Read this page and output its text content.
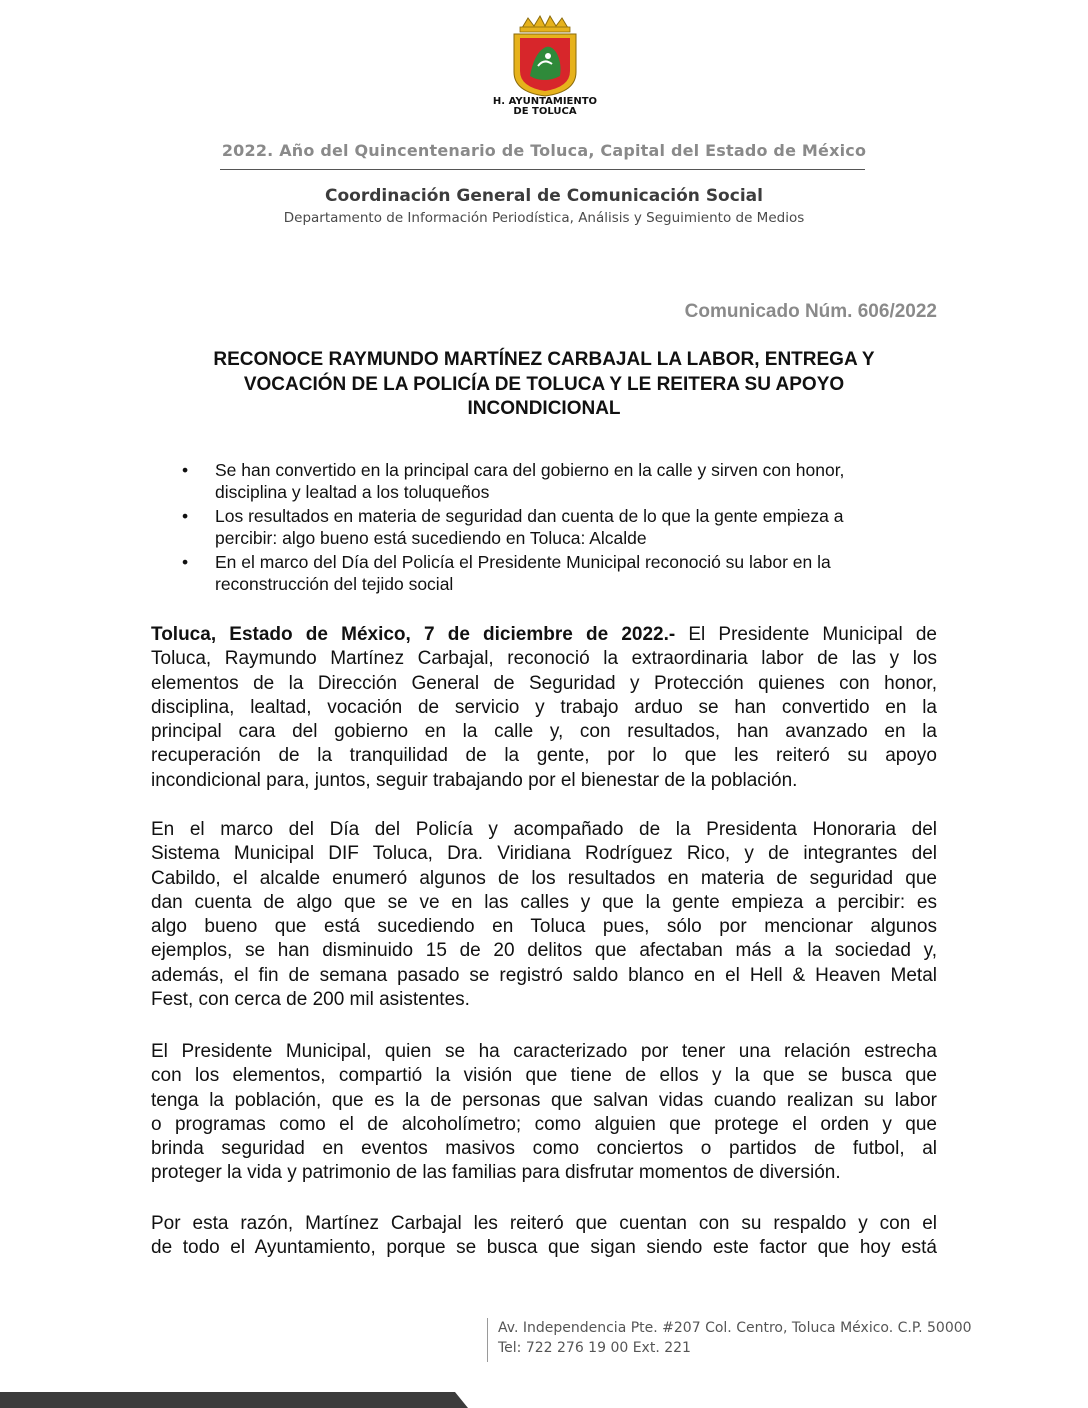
H. AYUNTAMIENTO
DE TOLUCA
2022. Año del Quincentenario de Toluca, Capital del Estado de México
Coordinación General de Comunicación Social
Departamento de Información Periodística, Análisis y Seguimiento de Medios
Comunicado Núm. 606/2022
RECONOCE RAYMUNDO MARTÍNEZ CARBAJAL LA LABOR, ENTREGA Y
VOCACIÓN DE LA POLICÍA DE TOLUCA Y LE REITERA SU APOYO
INCONDICIONAL
• Se han convertido en la principal cara del gobierno en la calle y sirven con honor,
disciplina y lealtad a los toluqueños
• Los resultados en materia de seguridad dan cuenta de lo que la gente empieza a
percibir: algo bueno está sucediendo en Toluca: Alcalde
• En el marco del Día del Policía el Presidente Municipal reconoció su labor en la
reconstrucción del tejido social
Toluca, Estado de México, 7 de diciembre de 2022.- El Presidente Municipal de
Toluca, Raymundo Martínez Carbajal, reconoció la extraordinaria labor de las y los
elementos de la Dirección General de Seguridad y Protección quienes con honor,
disciplina, lealtad, vocación de servicio y trabajo arduo se han convertido en la
principal cara del gobierno en la calle y, con resultados, han avanzado en la
recuperación de la tranquilidad de la gente, por lo que les reiteró su apoyo
incondicional para, juntos, seguir trabajando por el bienestar de la población.
En el marco del Día del Policía y acompañado de la Presidenta Honoraria del
Sistema Municipal DIF Toluca, Dra. Viridiana Rodríguez Rico, y de integrantes del
Cabildo, el alcalde enumeró algunos de los resultados en materia de seguridad que
dan cuenta de algo que se ve en las calles y que la gente empieza a percibir: es
algo bueno que está sucediendo en Toluca pues, sólo por mencionar algunos
ejemplos, se han disminuido 15 de 20 delitos que afectaban más a la sociedad y,
además, el fin de semana pasado se registró saldo blanco en el Hell & Heaven Metal
Fest, con cerca de 200 mil asistentes.
El Presidente Municipal, quien se ha caracterizado por tener una relación estrecha
con los elementos, compartió la visión que tiene de ellos y la que se busca que
tenga la población, que es la de personas que salvan vidas cuando realizan su labor
o programas como el de alcoholímetro; como alguien que protege el orden y que
brinda seguridad en eventos masivos como conciertos o partidos de futbol, al
proteger la vida y patrimonio de las familias para disfrutar momentos de diversión.
Por esta razón, Martínez Carbajal les reiteró que cuentan con su respaldo y con el
de todo el Ayuntamiento, porque se busca que sigan siendo este factor que hoy está
Av. Independencia Pte. #207 Col. Centro, Toluca México. C.P. 50000
Tel: 722 276 19 00 Ext. 221
